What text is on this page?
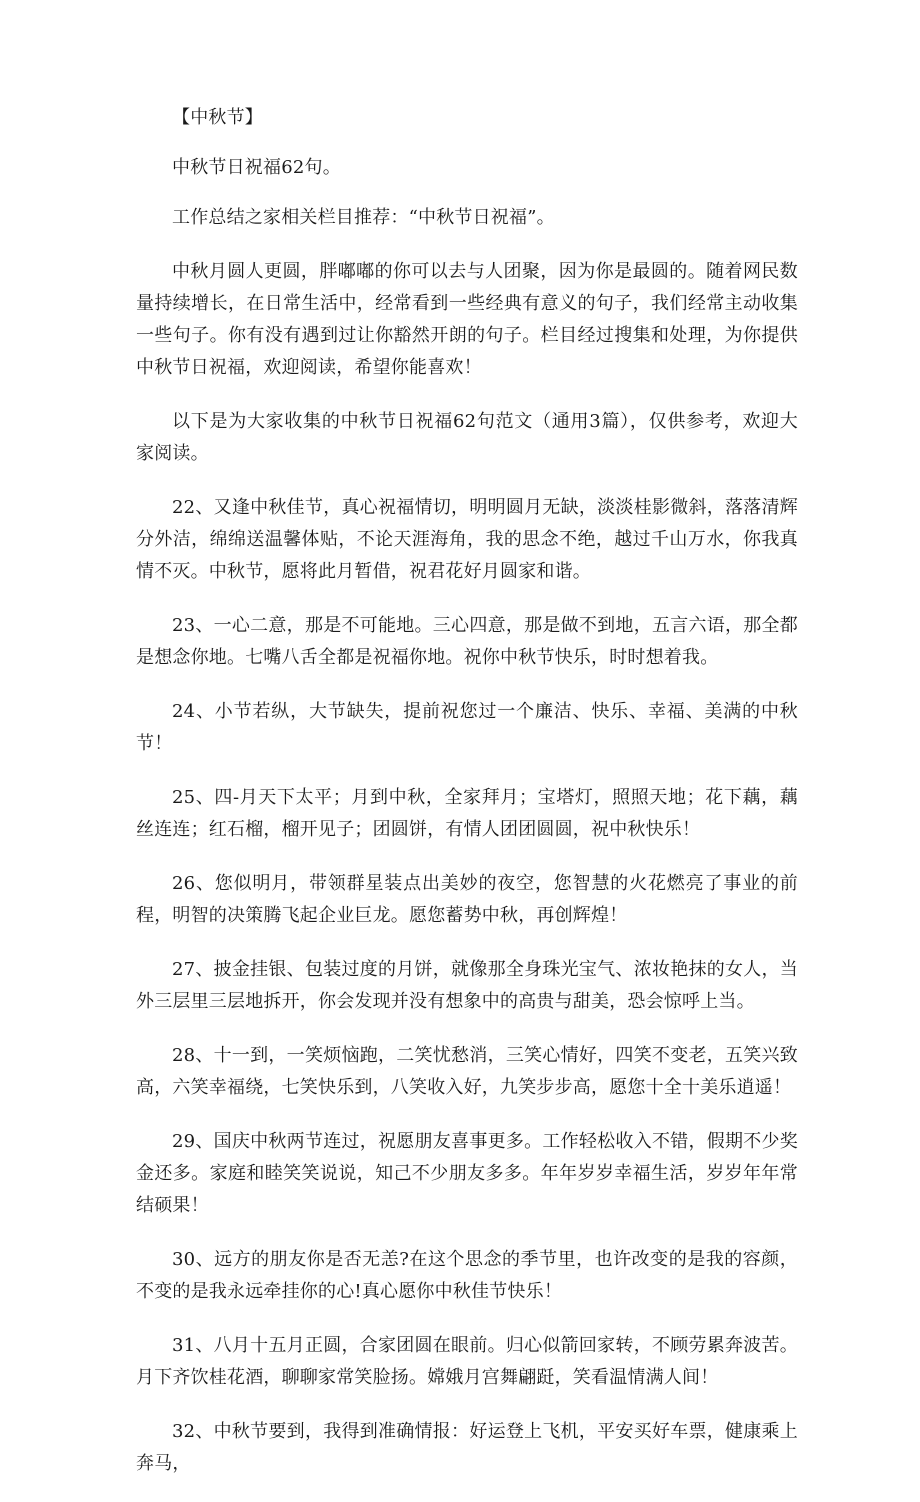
【中秋节】

中秋节日祝福62句。

工作总结之家相关栏目推荐：“中秋节日祝福”。

中秋月圆人更圆，胖嘟嘟的你可以去与人团聚，因为你是最圆的。随着网民数量持续增长，在日常生活中，经常看到一些经典有意义的句子，我们经常主动收集一些句子。你有没有遇到过让你豁然开朗的句子。栏目经过搜集和处理，为你提供中秋节日祝福，欢迎阅读，希望你能喜欢！

以下是为大家收集的中秋节日祝福62句范文（通用3篇），仅供参考，欢迎大家阅读。

22、又逢中秋佳节，真心祝福情切，明明圆月无缺，淡淡桂影微斜，落落清辉分外洁，绵绵送温馨体贴，不论天涯海角，我的思念不绝，越过千山万水，你我真情不灭。中秋节，愿将此月暂借，祝君花好月圆家和谐。

23、一心二意，那是不可能地。三心四意，那是做不到地，五言六语，那全都是想念你地。七嘴八舌全都是祝福你地。祝你中秋节快乐，时时想着我。

24、小节若纵，大节缺失，提前祝您过一个廉洁、快乐、幸福、美满的中秋节！

25、四-月天下太平；月到中秋，全家拜月；宝塔灯，照照天地；花下藕，藕丝连连；红石榴，榴开见子；团圆饼，有情人团团圆圆，祝中秋快乐！

26、您似明月，带领群星装点出美妙的夜空，您智慧的火花燃亮了事业的前程，明智的决策腾飞起企业巨龙。愿您蓄势中秋，再创辉煌！

27、披金挂银、包装过度的月饼，就像那全身珠光宝气、浓妆艳抹的女人，当外三层里三层地拆开，你会发现并没有想象中的高贵与甜美，恐会惊呼上当。

28、十一到，一笑烦恼跑，二笑忧愁消，三笑心情好，四笑不变老，五笑兴致高，六笑幸福绕，七笑快乐到，八笑收入好，九笑步步高，愿您十全十美乐逍遥！

29、国庆中秋两节连过，祝愿朋友喜事更多。工作轻松收入不错，假期不少奖金还多。家庭和睦笑笑说说，知己不少朋友多多。年年岁岁幸福生活，岁岁年年常结硕果！

30、远方的朋友你是否无恙?在这个思念的季节里，也许改变的是我的容颜，不变的是我永远牵挂你的心!真心愿你中秋佳节快乐！

31、八月十五月正圆，合家团圆在眼前。归心似箭回家转，不顾劳累奔波苦。月下齐饮桂花酒，聊聊家常笑脸扬。嫦娥月宫舞翩跹，笑看温情满人间！

32、中秋节要到，我得到准确情报：好运登上飞机，平安买好车票，健康乘上奔马，
